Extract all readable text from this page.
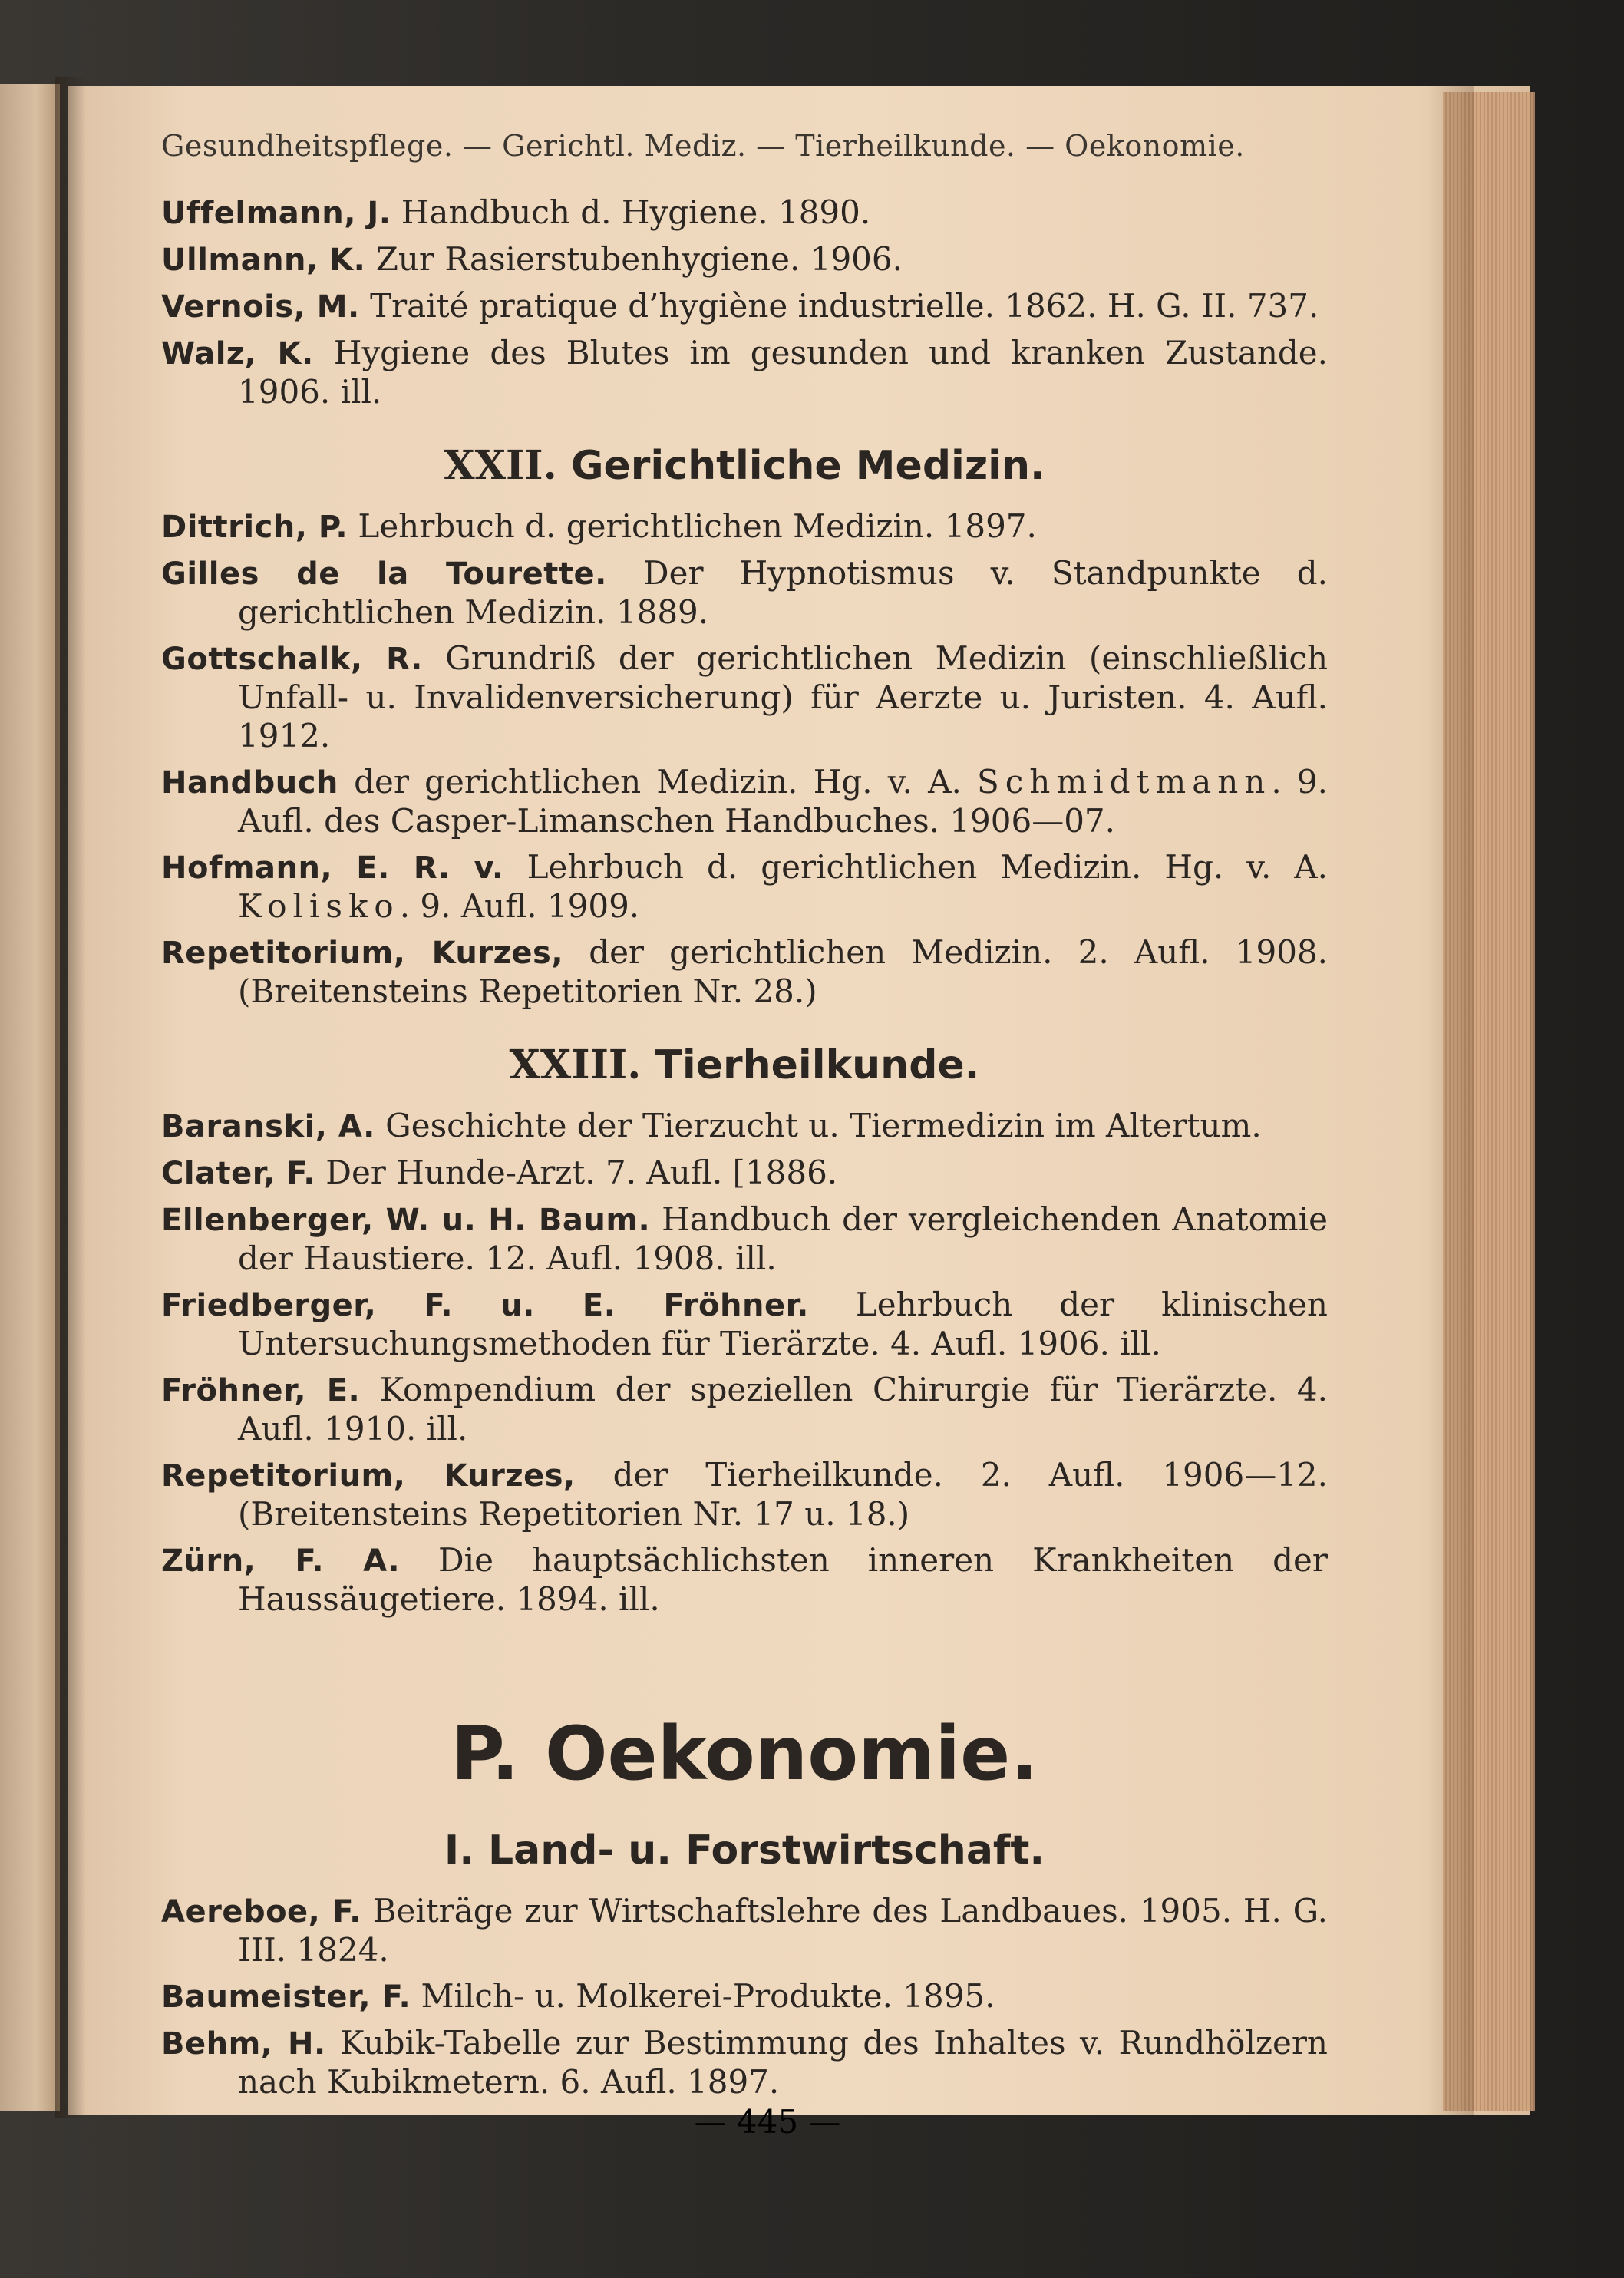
Gesundheitspflege. — Gerichtl. Mediz. — Tierheilkunde. — Oekonomie.
Uffelmann, J. Handbuch d. Hygiene. 1890.
Ullmann, K. Zur Rasierstubenhygiene. 1906.
Vernois, M. Traité pratique d’hygiène industrielle. 1862. H. G. II. 737.
Walz, K. Hygiene des Blutes im gesunden und kranken Zustande. 1906. ill.
XXII. Gerichtliche Medizin.
Dittrich, P. Lehrbuch d. gerichtlichen Medizin. 1897.
Gilles de la Tourette. Der Hypnotismus v. Standpunkte d. gerichtlichen Medizin. 1889.
Gottschalk, R. Grundriß der gerichtlichen Medizin (einschließlich Unfall- u. Invalidenversicherung) für Aerzte u. Juristen. 4. Aufl. 1912.
Handbuch der gerichtlichen Medizin. Hg. v. A. Schmidtmann. 9. Aufl. des Casper-Limanschen Handbuches. 1906—07.
Hofmann, E. R. v. Lehrbuch d. gerichtlichen Medizin. Hg. v. A. Kolisko. 9. Aufl. 1909.
Repetitorium, Kurzes, der gerichtlichen Medizin. 2. Aufl. 1908. (Breitensteins Repetitorien Nr. 28.)
XXIII. Tierheilkunde.
Baranski, A. Geschichte der Tierzucht u. Tiermedizin im Altertum.
Clater, F. Der Hunde-Arzt. 7. Aufl. [1886.
Ellenberger, W. u. H. Baum. Handbuch der vergleichenden Anatomie der Haustiere. 12. Aufl. 1908. ill.
Friedberger, F. u. E. Fröhner. Lehrbuch der klinischen Untersuchungsmethoden für Tierärzte. 4. Aufl. 1906. ill.
Fröhner, E. Kompendium der speziellen Chirurgie für Tierärzte. 4. Aufl. 1910. ill.
Repetitorium, Kurzes, der Tierheilkunde. 2. Aufl. 1906—12. (Breitensteins Repetitorien Nr. 17 u. 18.)
Zürn, F. A. Die hauptsächlichsten inneren Krankheiten der Haussäugetiere. 1894. ill.
P. Oekonomie.
I. Land- u. Forstwirtschaft.
Aereboe, F. Beiträge zur Wirtschaftslehre des Landbaues. 1905. H. G. III. 1824.
Baumeister, F. Milch- u. Molkerei-Produkte. 1895.
Behm, H. Kubik-Tabelle zur Bestimmung des Inhaltes v. Rundhölzern nach Kubikmetern. 6. Aufl. 1897.
— 445 —
